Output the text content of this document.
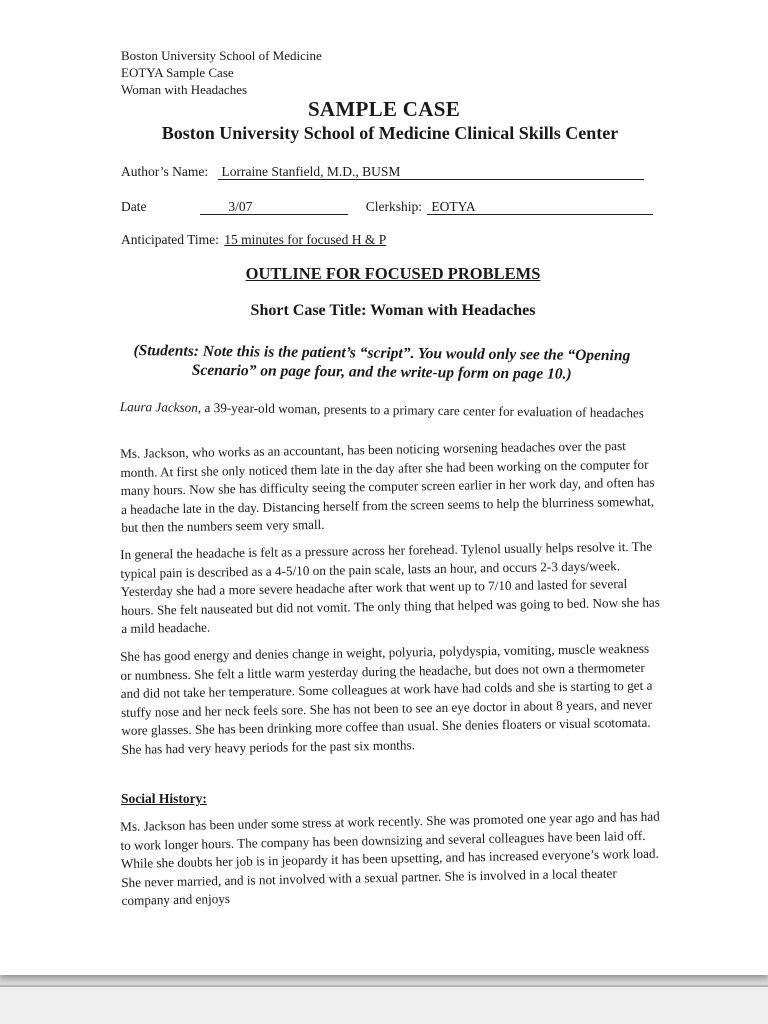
Boston University School of Medicine
EOTYA Sample Case
Woman with Headaches
SAMPLE CASE
Boston University School of Medicine Clinical Skills Center
Author’s Name: Lorraine Stanfield, M.D., BUSM
Date	3/07	Clerkship: EOTYA
Anticipated Time: 15 minutes for focused H & P
OUTLINE FOR FOCUSED PROBLEMS
Short Case Title: Woman with Headaches
(Students: Note this is the patient’s “script”. You would only see the “Opening Scenario” on page four, and the write-up form on page 10.)
Laura Jackson, a 39-year-old woman, presents to a primary care center for evaluation of headaches
Ms. Jackson, who works as an accountant, has been noticing worsening headaches over the past month. At first she only noticed them late in the day after she had been working on the computer for many hours. Now she has difficulty seeing the computer screen earlier in her work day, and often has a headache late in the day. Distancing herself from the screen seems to help the blurriness somewhat, but then the numbers seem very small.
In general the headache is felt as a pressure across her forehead. Tylenol usually helps resolve it. The typical pain is described as a 4-5/10 on the pain scale, lasts an hour, and occurs 2-3 days/week. Yesterday she had a more severe headache after work that went up to 7/10 and lasted for several hours. She felt nauseated but did not vomit. The only thing that helped was going to bed. Now she has a mild headache.
She has good energy and denies change in weight, polyuria, polydyspia, vomiting, muscle weakness or numbness. She felt a little warm yesterday during the headache, but does not own a thermometer and did not take her temperature. Some colleagues at work have had colds and she is starting to get a stuffy nose and her neck feels sore. She has not been to see an eye doctor in about 8 years, and never wore glasses. She has been drinking more coffee than usual. She denies floaters or visual scotomata. She has had very heavy periods for the past six months.
Social History:
Ms. Jackson has been under some stress at work recently. She was promoted one year ago and has had to work longer hours. The company has been downsizing and several colleagues have been laid off. While she doubts her job is in jeopardy it has been upsetting, and has increased everyone’s work load. She never married, and is not involved with a sexual partner. She is involved in a local theater company and enjoys
